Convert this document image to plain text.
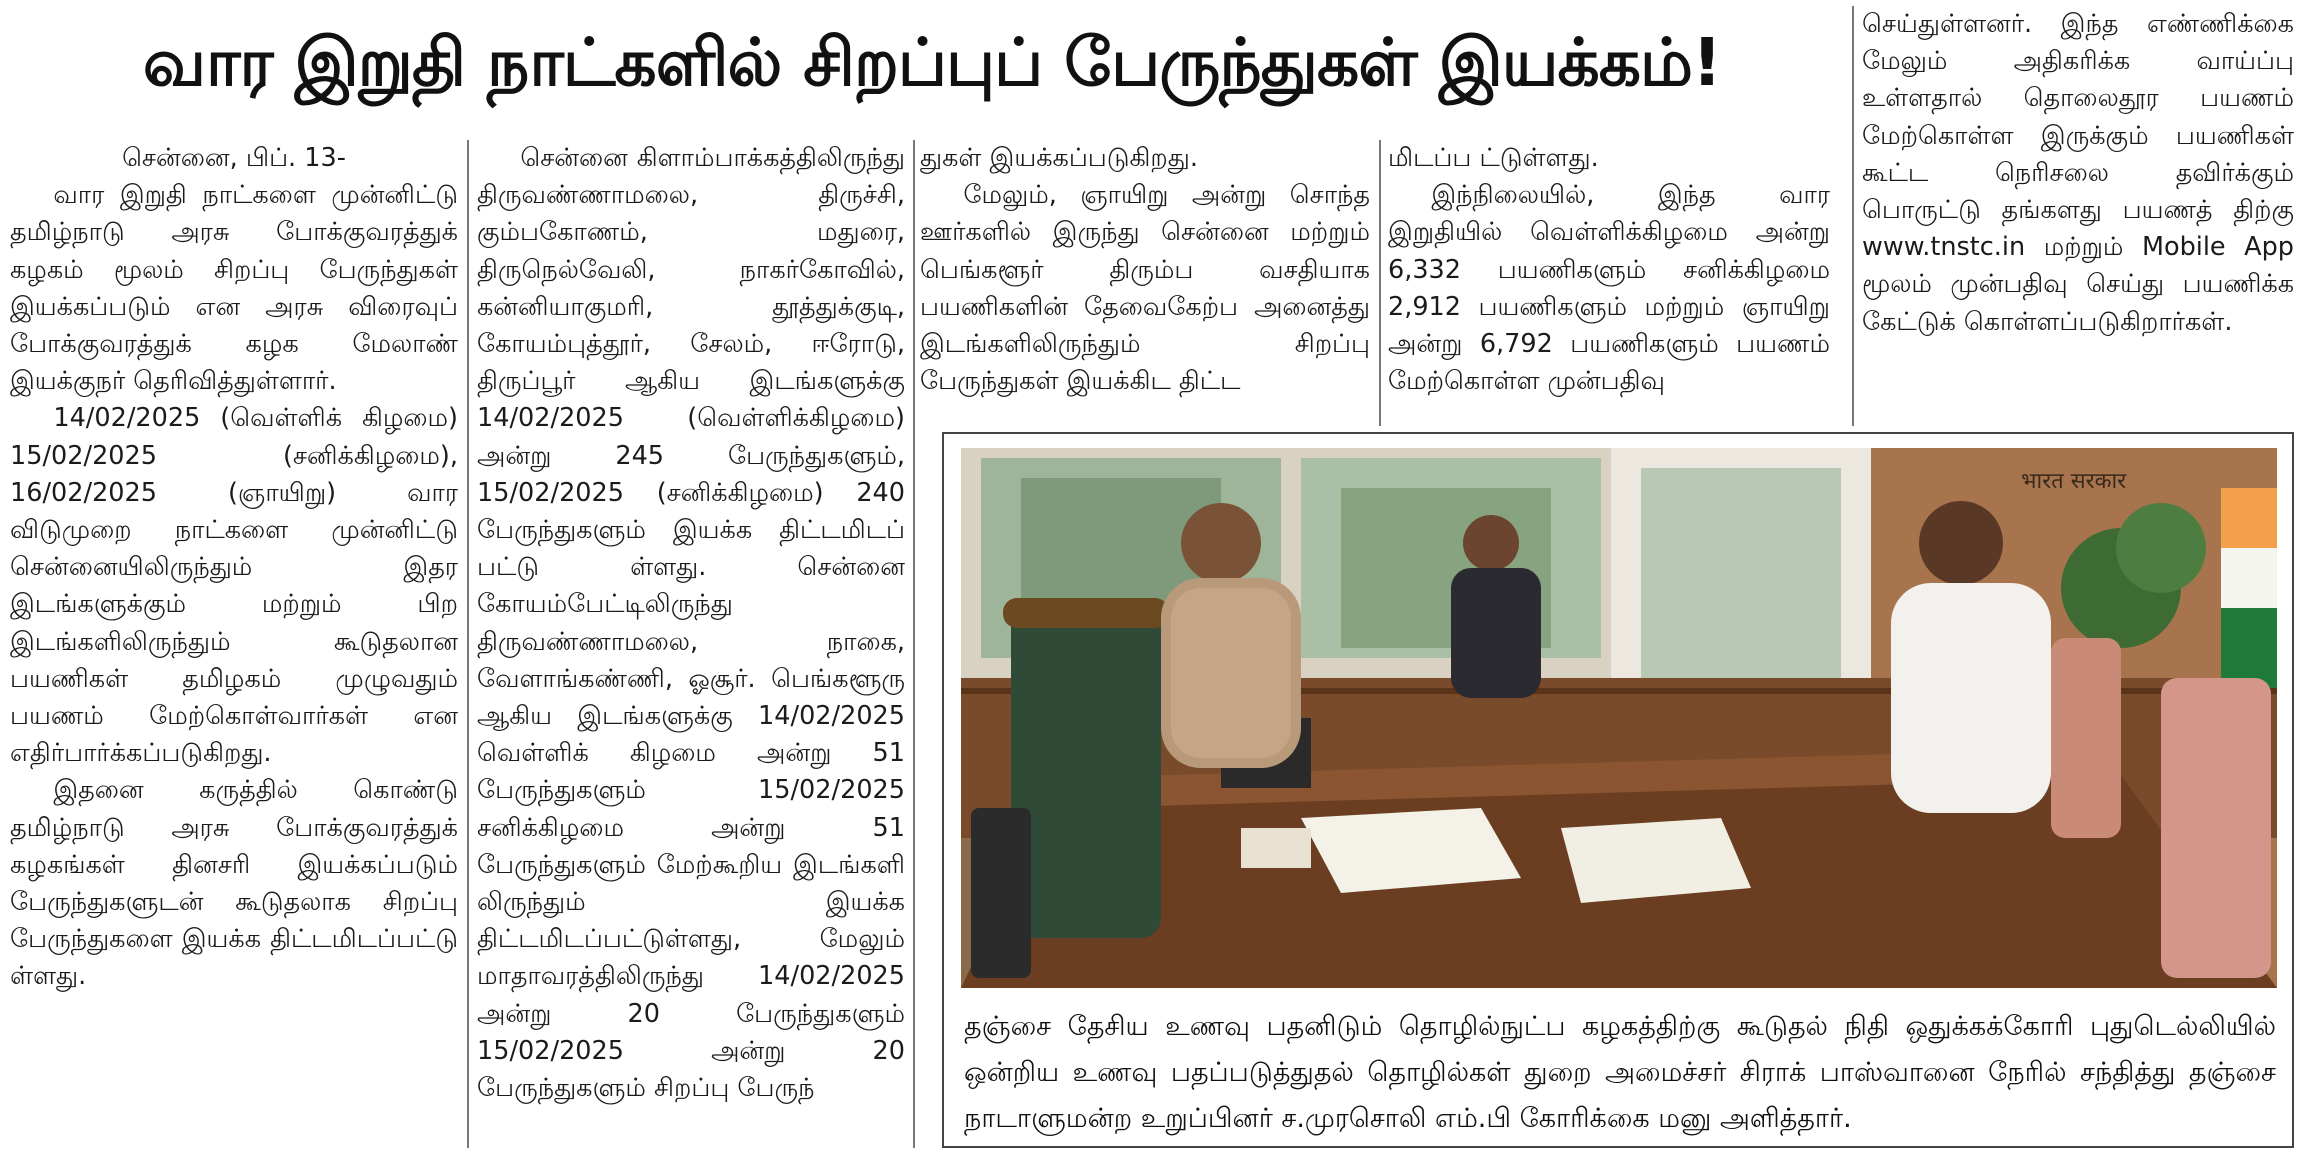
வார இறுதி நாட்களில் சிறப்புப் பேருந்துகள் இயக்கம்!

சென்னை, பிப். 13-

வார இறுதி நாட்களை முன்னிட்டு தமிழ்நாடு அரசு போக்குவரத்துக் கழகம் மூலம் சிறப்பு பேருந்துகள் இயக்கப்படும் என அரசு விரைவுப் போக்குவரத்துக் கழக மேலாண் இயக்குநர் தெரிவித்துள்ளார்.

14/02/2025 (வெள்ளிக் கிழமை) 15/02/2025 (சனிக்கிழமை), 16/02/2025 (ஞாயிறு) வார விடுமுறை நாட்களை முன்னிட்டு சென்னையிலிருந்தும் இதர இடங்களுக்கும் மற்றும் பிற இடங்களிலிருந்தும் கூடுதலான பயணிகள் தமிழகம் முழுவதும் பயணம் மேற்கொள்வார்கள் என எதிர்பார்க்கப்படுகிறது.

இதனை கருத்தில் கொண்டு தமிழ்நாடு அரசு போக்குவரத்துக் கழகங்கள் தினசரி இயக்கப்படும் பேருந்துகளுடன் கூடுதலாக சிறப்பு பேருந்துகளை இயக்க திட்டமிடப்பட்டு ள்ளது.

சென்னை கிளாம்பாக்கத்திலிருந்து திருவண்ணாமலை, திருச்சி, கும்பகோணம், மதுரை, திருநெல்வேலி, நாகர்கோவில், கன்னியாகுமரி, தூத்துக்குடி, கோயம்புத்தூர், சேலம், ஈரோடு, திருப்பூர் ஆகிய இடங்களுக்கு 14/02/2025 (வெள்ளிக்கிழமை) அன்று 245 பேருந்துகளும், 15/02/2025 (சனிக்கிழமை) 240 பேருந்துகளும் இயக்க திட்டமிடப் பட்டு ள்ளது. சென்னை கோயம்பேட்டிலிருந்து திருவண்ணாமலை, நாகை, வேளாங்கண்ணி, ஓசூர். பெங்களூரு ஆகிய இடங்களுக்கு 14/02/2025 வெள்ளிக் கிழமை அன்று 51 பேருந்துகளும் 15/02/2025 சனிக்கிழமை அன்று 51 பேருந்துகளும் மேற்கூறிய இடங்களி லிருந்தும் இயக்க திட்டமிடப்பட்டுள்ளது, மேலும் மாதாவரத்திலிருந்து 14/02/2025 அன்று 20 பேருந்துகளும் 15/02/2025 அன்று 20 பேருந்துகளும் சிறப்பு பேருந்

துகள் இயக்கப்படுகிறது.

மேலும், ஞாயிறு அன்று சொந்த ஊர்களில் இருந்து சென்னை மற்றும் பெங்களூர் திரும்ப வசதியாக பயணிகளின் தேவைகேற்ப அனைத்து இடங்களிலிருந்தும் சிறப்பு பேருந்துகள் இயக்கிட திட்ட

மிடப்ப ட்டுள்ளது.

இந்நிலையில், இந்த வார இறுதியில் வெள்ளிக்கிழமை அன்று 6,332 பயணிகளும் சனிக்கிழமை 2,912 பயணிகளும் மற்றும் ஞாயிறு அன்று 6,792 பயணிகளும் பயணம் மேற்கொள்ள முன்பதிவு

செய்துள்ளனர். இந்த எண்ணிக்கை மேலும் அதிகரிக்க வாய்ப்பு உள்ளதால் தொலைதூர பயணம் மேற்கொள்ள இருக்கும் பயணிகள் கூட்ட நெரிசலை தவிர்க்கும் பொருட்டு தங்களது பயணத் திற்கு www.tnstc.in மற்றும் Mobile App மூலம் முன்பதிவு செய்து பயணிக்க கேட்டுக் கொள்ளப்படுகிறார்கள்.

भारत सरकार
தஞ்சை தேசிய உணவு பதனிடும் தொழில்நுட்ப கழகத்திற்கு கூடுதல் நிதி ஒதுக்கக்கோரி புதுடெல்லியில் ஒன்றிய உணவு பதப்படுத்துதல் தொழில்கள் துறை அமைச்சர் சிராக் பாஸ்வானை நேரில் சந்தித்து தஞ்சை நாடாளுமன்ற உறுப்பினர் ச.முரசொலி எம்.பி கோரிக்கை மனு அளித்தார்.
